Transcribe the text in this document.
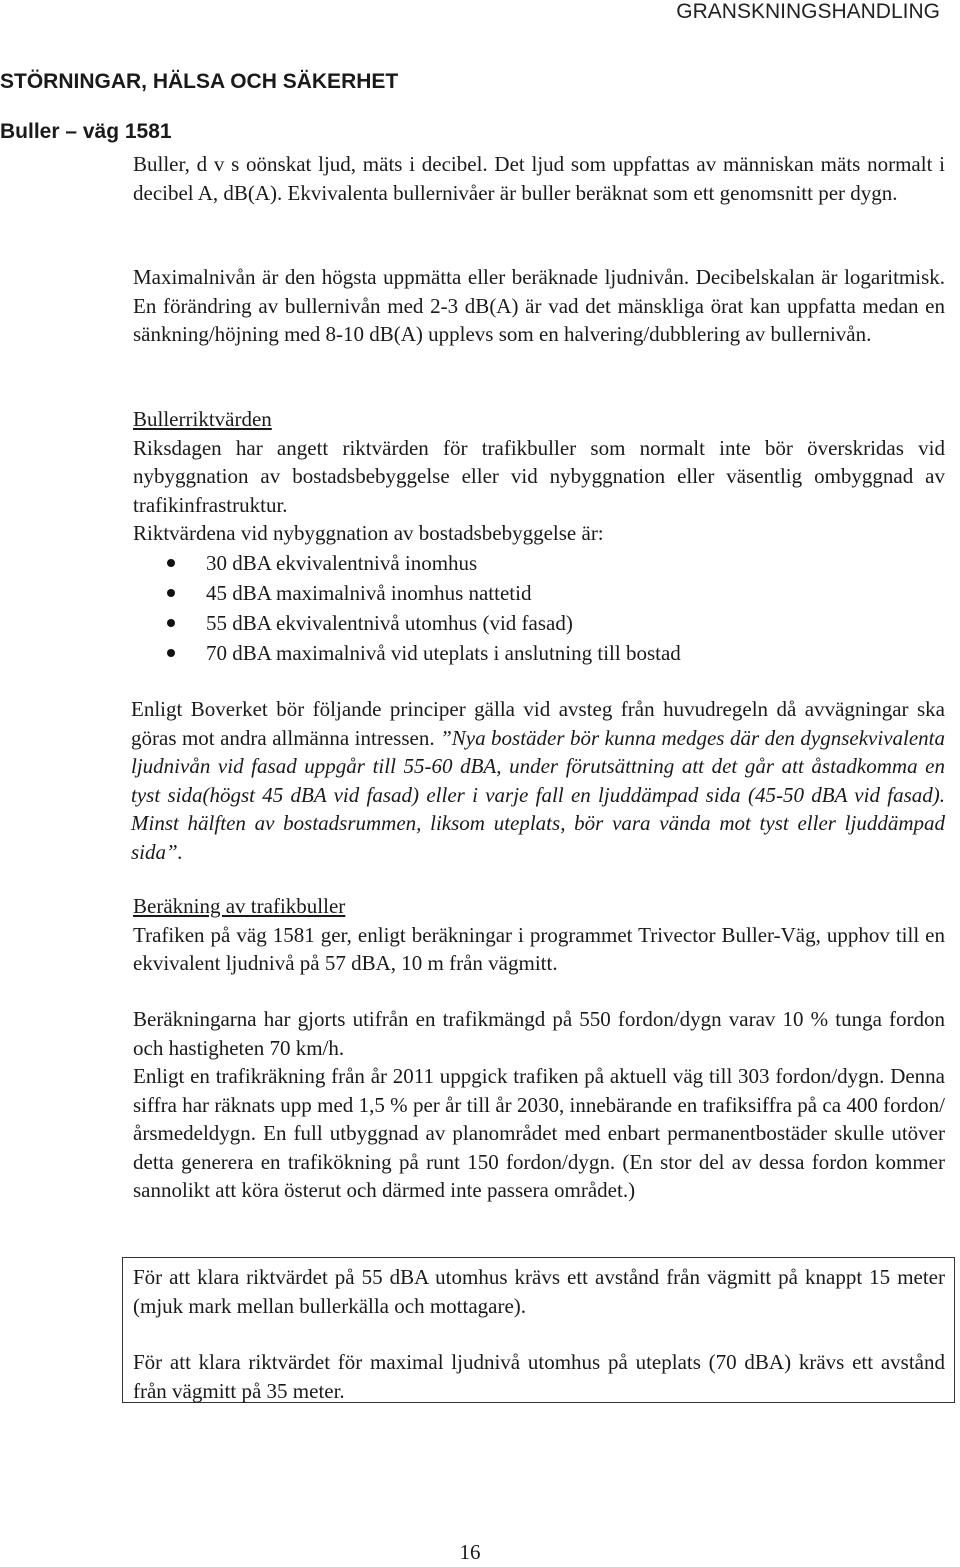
GRANSKNINGSHANDLING
STÖRNINGAR, HÄLSA OCH SÄKERHET
Buller – väg 1581

Buller, d v s oönskat ljud, mäts i decibel. Det ljud som uppfattas av människan mäts normalt i decibel A, dB(A). Ekvivalenta bullernivåer är buller beräknat som ett genomsnitt per dygn.

Maximalnivån är den högsta uppmätta eller beräknade ljudnivån. Decibelskalan är logaritmisk. En förändring av bullernivån med 2-3 dB(A) är vad det mänskliga örat kan uppfatta medan en sänkning/höjning med 8-10 dB(A) upplevs som en halvering/dubblering av bullernivån.

Bullerriktvärden
Riksdagen har angett riktvärden för trafikbuller som normalt inte bör överskridas vid nybyggnation av bostadsbebyggelse eller vid nybyggnation eller väsentlig ombyggnad av trafikinfrastruktur.
Riktvärdena vid nybyggnation av bostadsbebyggelse är:
30 dBA ekvivalentnivå inomhus
45 dBA maximalnivå inomhus nattetid
55 dBA ekvivalentnivå utomhus (vid fasad)
70 dBA maximalnivå vid uteplats i anslutning till bostad

Enligt Boverket bör följande principer gälla vid avsteg från huvudregeln då avvägningar ska göras mot andra allmänna intressen. ”Nya bostäder bör kunna medges där den dygnsekvivalenta ljudnivån vid fasad uppgår till 55-60 dBA, under förutsättning att det går att åstadkomma en tyst sida(högst 45 dBA vid fasad) eller i varje fall en ljuddämpad sida (45-50 dBA vid fasad). Minst hälften av bostadsrummen, liksom uteplats, bör vara vända mot tyst eller ljuddämpad sida”.

Beräkning av trafikbuller
Trafiken på väg 1581 ger, enligt beräkningar i programmet Trivector Buller-Väg, upphov till en ekvivalent ljudnivå på 57 dBA, 10 m från vägmitt.

Beräkningarna har gjorts utifrån en trafikmängd på 550 fordon/dygn varav 10 % tunga fordon och hastigheten 70 km/h.

Enligt en trafikräkning från år 2011 uppgick trafiken på aktuell väg till 303 fordon/dygn. Denna siffra har räknats upp med 1,5 % per år till år 2030, innebärande en trafiksiffra på ca 400 fordon/årsmedeldygn. En full utbyggnad av planområdet med enbart permanentbostäder skulle utöver detta generera en trafikökning på runt 150 fordon/dygn. (En stor del av dessa fordon kommer sannolikt att köra österut och därmed inte passera området.)

För att klara riktvärdet på 55 dBA utomhus krävs ett avstånd från vägmitt på knappt 15 meter (mjuk mark mellan bullerkälla och mottagare).

För att klara riktvärdet för maximal ljudnivå utomhus på uteplats (70 dBA) krävs ett avstånd från vägmitt på 35 meter.

16
